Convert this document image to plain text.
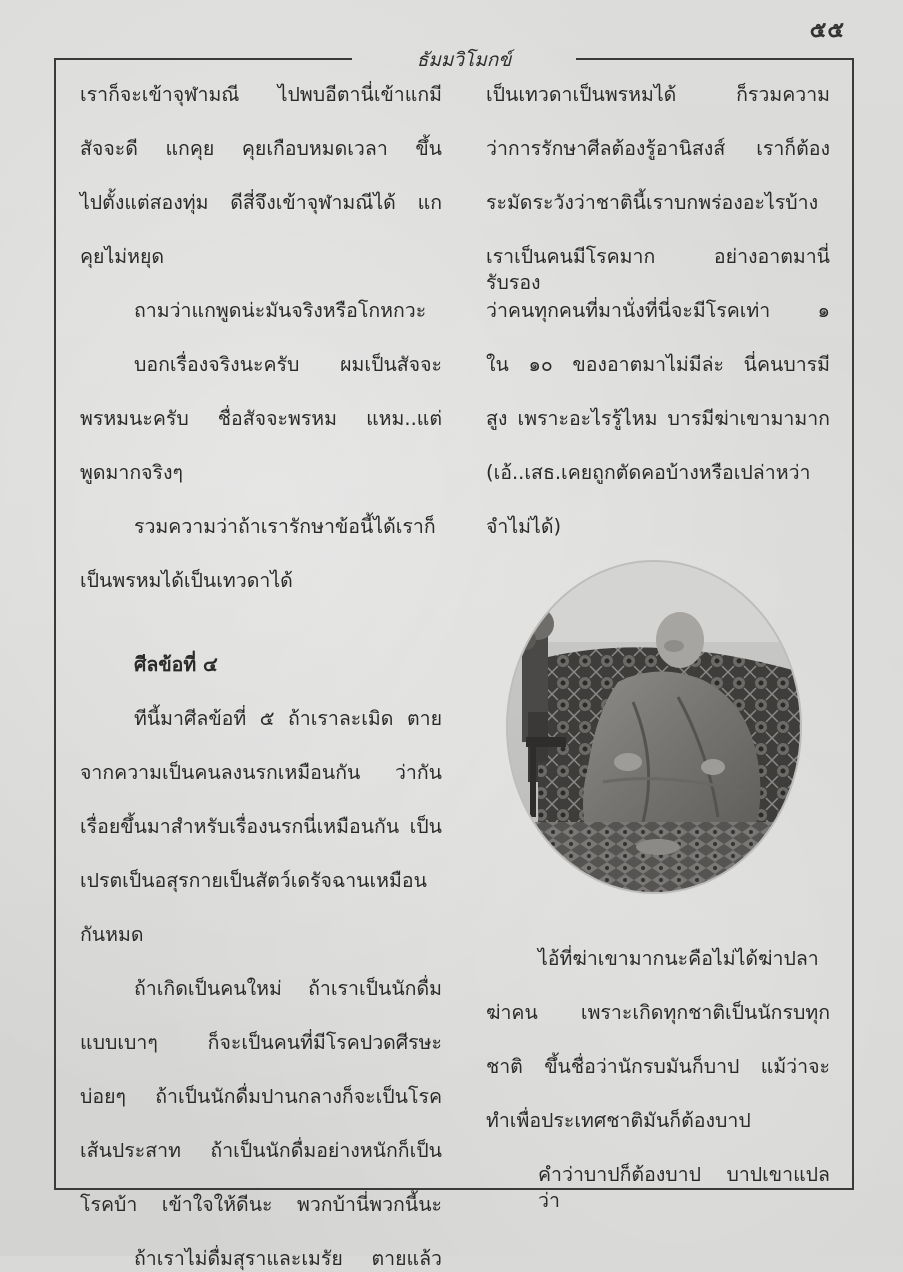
๕๕
ธัมมวิโมกข์
เราก็จะเข้าจุฬามณี ไปพบอีตานี่เข้าแกมี
สัจจะดี แกคุย คุยเกือบหมดเวลา ขึ้น
ไปตั้งแต่สองทุ่ม ดีสี่จึงเข้าจุฬามณีได้ แก
คุยไม่หยุด
ถามว่าแกพูดน่ะมันจริงหรือโกหกวะ
บอกเรื่องจริงนะครับ ผมเป็นสัจจะ
พรหมนะครับ ชื่อสัจจะพรหม แหม..แต่
พูดมากจริงๆ
รวมความว่าถ้าเรารักษาข้อนี้ได้เราก็
เป็นพรหมได้เป็นเทวดาได้
ศีลข้อที่ ๔
ทีนี้มาศีลข้อที่ ๕ ถ้าเราละเมิด ตาย
จากความเป็นคนลงนรกเหมือนกัน ว่ากัน
เรื่อยขึ้นมาสำหรับเรื่องนรกนี่เหมือนกัน เป็น
เปรตเป็นอสุรกายเป็นสัตว์เดรัจฉานเหมือน
กันหมด
ถ้าเกิดเป็นคนใหม่ ถ้าเราเป็นนักดื่ม
แบบเบาๆ ก็จะเป็นคนที่มีโรคปวดศีรษะ
บ่อยๆ ถ้าเป็นนักดื่มปานกลางก็จะเป็นโรค
เส้นประสาท ถ้าเป็นนักดื่มอย่างหนักก็เป็น
โรคบ้า เข้าใจให้ดีนะ พวกบ้านี่พวกนี้นะ
ถ้าเราไม่ดื่มสุราและเมรัย ตายแล้ว
เป็นเทวดาเป็นพรหมได้ ก็รวมความ
ว่าการรักษาศีลต้องรู้อานิสงส์ เราก็ต้อง
ระมัดระวังว่าชาตินี้เราบกพร่องอะไรบ้าง
เราเป็นคนมีโรคมาก อย่างอาตมานี่รับรอง
ว่าคนทุกคนที่มานั่งที่นี่จะมีโรคเท่า ๑
ใน ๑๐ ของอาตมาไม่มีล่ะ นี่คนบารมี
สูง เพราะอะไรรู้ไหม บารมีฆ่าเขามามาก
(เอ้..เสธ.เคยถูกตัดคอบ้างหรือเปล่าหว่า
จำไม่ได้)
ไอ้ที่ฆ่าเขามากนะคือไม่ได้ฆ่าปลา
ฆ่าคน เพราะเกิดทุกชาติเป็นนักรบทุก
ชาติ ขึ้นชื่อว่านักรบมันก็บาป แม้ว่าจะ
ทำเพื่อประเทศชาติมันก็ต้องบาป
คำว่าบาปก็ต้องบาป บาปเขาแปลว่า
